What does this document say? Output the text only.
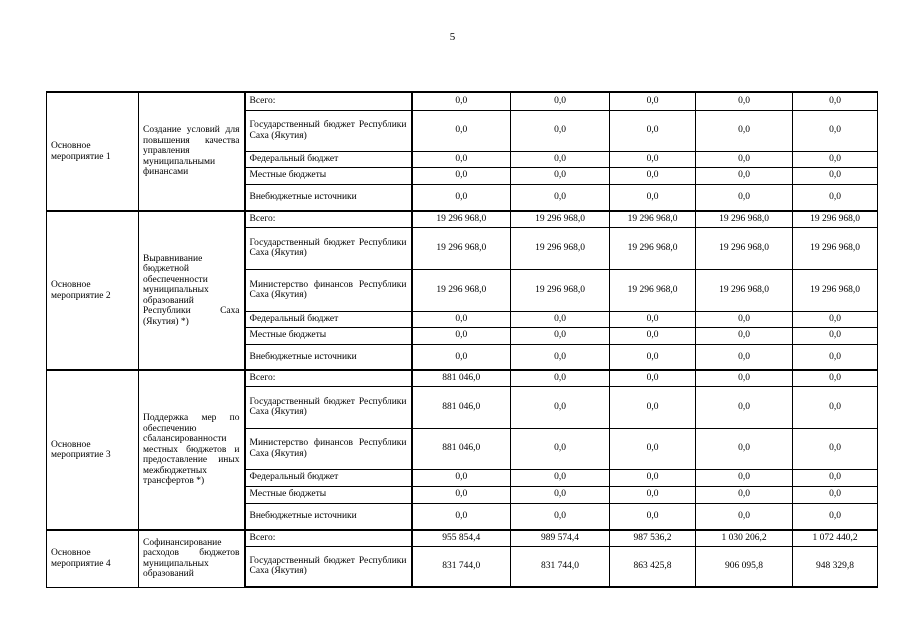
5
Основное мероприятие 1	Создание условий для повышения качества управления муниципальными финансами	Всего:	0,0	0,0	0,0	0,0	0,0
		Государственный бюджет Республики Саха (Якутия)	0,0	0,0	0,0	0,0	0,0
		Федеральный бюджет	0,0	0,0	0,0	0,0	0,0
		Местные бюджеты	0,0	0,0	0,0	0,0	0,0
		Внебюджетные источники	0,0	0,0	0,0	0,0	0,0
Основное мероприятие 2	Выравнивание бюджетной обеспеченности муниципальных образований Республики Саха (Якутия) *)	Всего:	19 296 968,0	19 296 968,0	19 296 968,0	19 296 968,0	19 296 968,0
		Государственный бюджет Республики Саха (Якутия)	19 296 968,0	19 296 968,0	19 296 968,0	19 296 968,0	19 296 968,0
		Министерство финансов Республики Саха (Якутия)	19 296 968,0	19 296 968,0	19 296 968,0	19 296 968,0	19 296 968,0
		Федеральный бюджет	0,0	0,0	0,0	0,0	0,0
		Местные бюджеты	0,0	0,0	0,0	0,0	0,0
		Внебюджетные источники	0,0	0,0	0,0	0,0	0,0
Основное мероприятие 3	Поддержка мер по обеспечению сбалансированности местных бюджетов и предоставление иных межбюджетных трансфертов *)	Всего:	881 046,0	0,0	0,0	0,0	0,0
		Государственный бюджет Республики Саха (Якутия)	881 046,0	0,0	0,0	0,0	0,0
		Министерство финансов Республики Саха (Якутия)	881 046,0	0,0	0,0	0,0	0,0
		Федеральный бюджет	0,0	0,0	0,0	0,0	0,0
		Местные бюджеты	0,0	0,0	0,0	0,0	0,0
		Внебюджетные источники	0,0	0,0	0,0	0,0	0,0
Основное мероприятие 4	Софинансирование расходов бюджетов муниципальных образований	Всего:	955 854,4	989 574,4	987 536,2	1 030 206,2	1 072 440,2
		Государственный бюджет Республики Саха (Якутия)	831 744,0	831 744,0	863 425,8	906 095,8	948 329,8
